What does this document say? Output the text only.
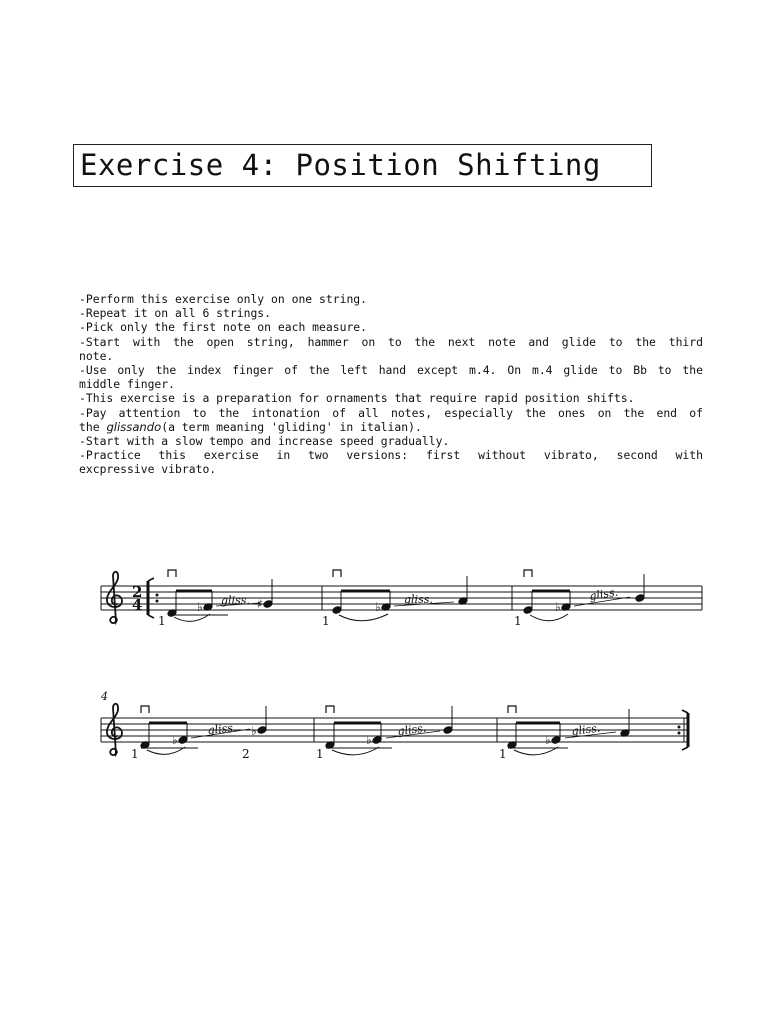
Exercise 4: Position Shifting
-Perform this exercise only on one string.
-Repeat it on all 6 strings.
-Pick only the first note on each measure.
-Start with the open string, hammer on to the next note and glide to the third
note.
-Use only the index finger of the left hand except m.4. On m.4 glide to Bb to the
middle finger.
-This exercise is a preparation for ornaments that require rapid position shifts.
-Pay attention to the intonation of all notes, especially the ones on the end of
the glissando(a term meaning 'gliding' in italian).
-Start with a slow tempo and increase speed gradually.
-Practice this exercise in two versions: first without vibrato, second with
excpressive vibrato.
2
4	♭ gliss. ♯
1
♭
gliss.
1
♭
gliss.
1
4
♭
gliss. ♭
1	2
♭
gliss.
1
♭
gliss.
1
